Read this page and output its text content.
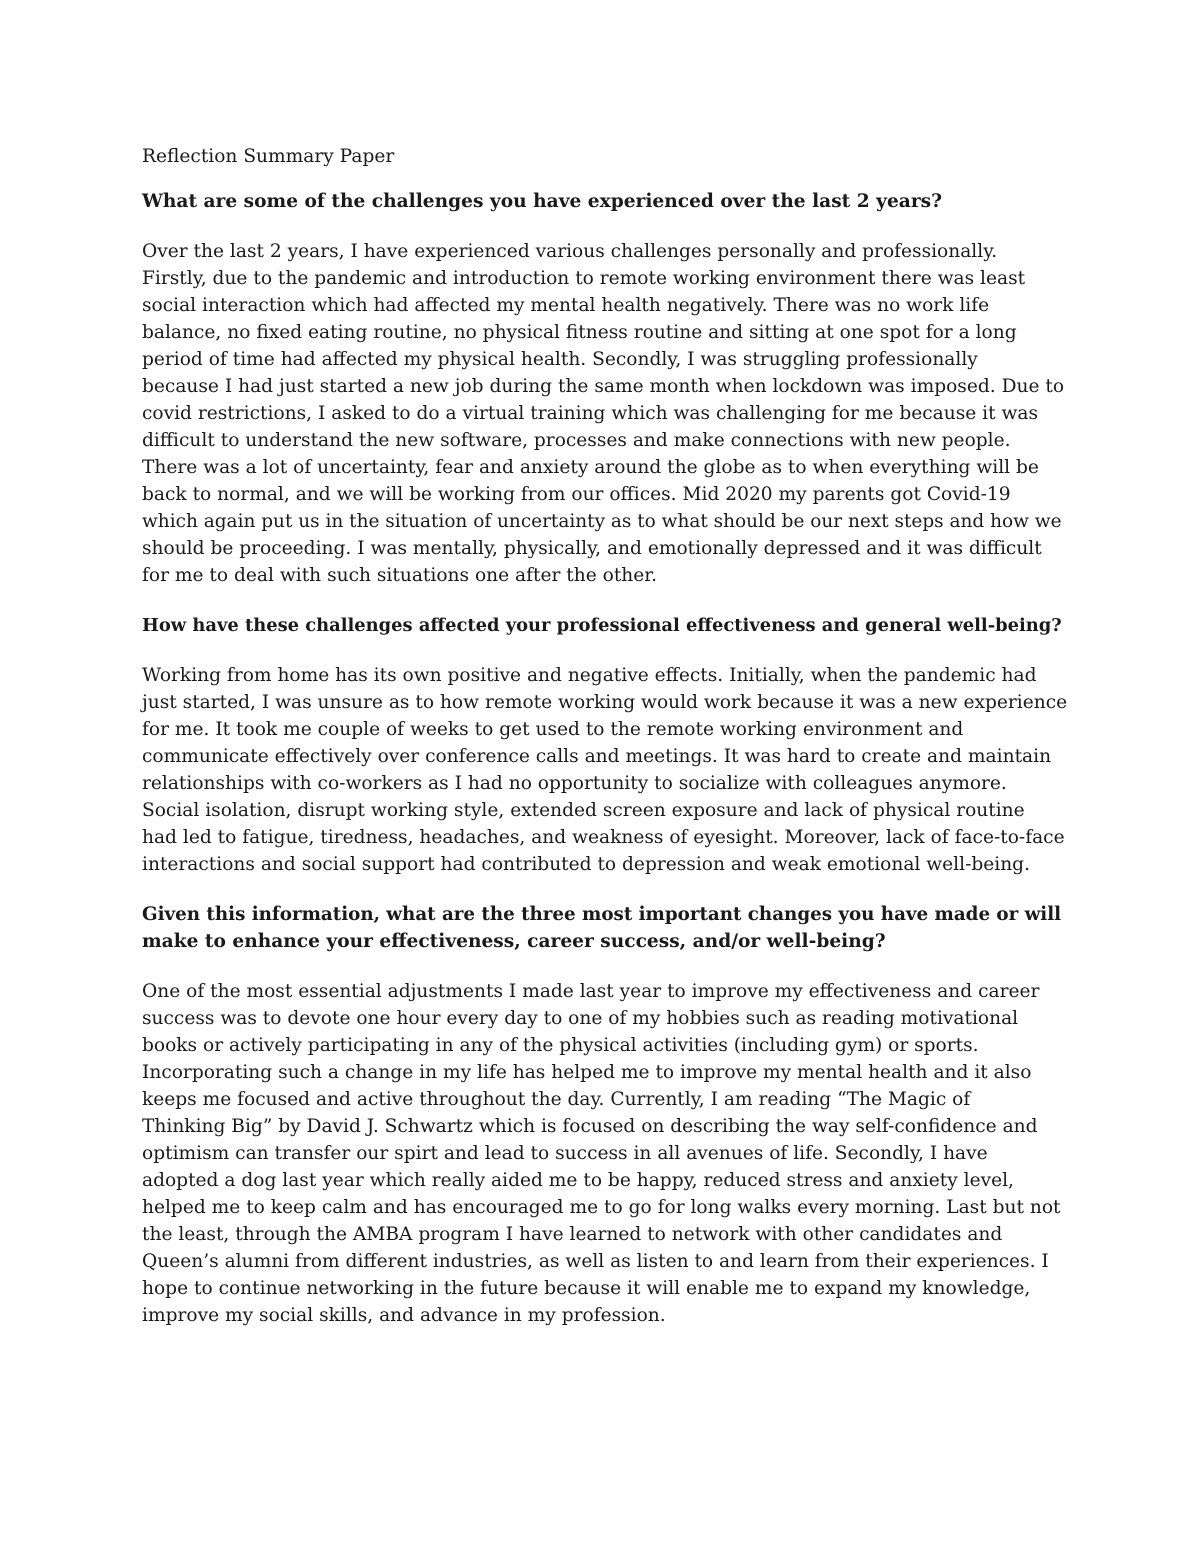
Reflection Summary Paper
What are some of the challenges you have experienced over the last 2 years?
Over the last 2 years, I have experienced various challenges personally and professionally.
Firstly, due to the pandemic and introduction to remote working environment there was least
social interaction which had affected my mental health negatively. There was no work life
balance, no fixed eating routine, no physical fitness routine and sitting at one spot for a long
period of time had affected my physical health. Secondly, I was struggling professionally
because I had just started a new job during the same month when lockdown was imposed. Due to
covid restrictions, I asked to do a virtual training which was challenging for me because it was
difficult to understand the new software, processes and make connections with new people.
There was a lot of uncertainty, fear and anxiety around the globe as to when everything will be
back to normal, and we will be working from our offices. Mid 2020 my parents got Covid-19
which again put us in the situation of uncertainty as to what should be our next steps and how we
should be proceeding. I was mentally, physically, and emotionally depressed and it was difficult
for me to deal with such situations one after the other.
How have these challenges affected your professional effectiveness and general well-being?
Working from home has its own positive and negative effects. Initially, when the pandemic had
just started, I was unsure as to how remote working would work because it was a new experience
for me. It took me couple of weeks to get used to the remote working environment and
communicate effectively over conference calls and meetings. It was hard to create and maintain
relationships with co-workers as I had no opportunity to socialize with colleagues anymore.
Social isolation, disrupt working style, extended screen exposure and lack of physical routine
had led to fatigue, tiredness, headaches, and weakness of eyesight. Moreover, lack of face-to-face
interactions and social support had contributed to depression and weak emotional well-being.
Given this information, what are the three most important changes you have made or will
make to enhance your effectiveness, career success, and/or well-being?
One of the most essential adjustments I made last year to improve my effectiveness and career
success was to devote one hour every day to one of my hobbies such as reading motivational
books or actively participating in any of the physical activities (including gym) or sports.
Incorporating such a change in my life has helped me to improve my mental health and it also
keeps me focused and active throughout the day. Currently, I am reading “The Magic of
Thinking Big” by David J. Schwartz which is focused on describing the way self-confidence and
optimism can transfer our spirt and lead to success in all avenues of life. Secondly, I have
adopted a dog last year which really aided me to be happy, reduced stress and anxiety level,
helped me to keep calm and has encouraged me to go for long walks every morning. Last but not
the least, through the AMBA program I have learned to network with other candidates and
Queen’s alumni from different industries, as well as listen to and learn from their experiences. I
hope to continue networking in the future because it will enable me to expand my knowledge,
improve my social skills, and advance in my profession.
